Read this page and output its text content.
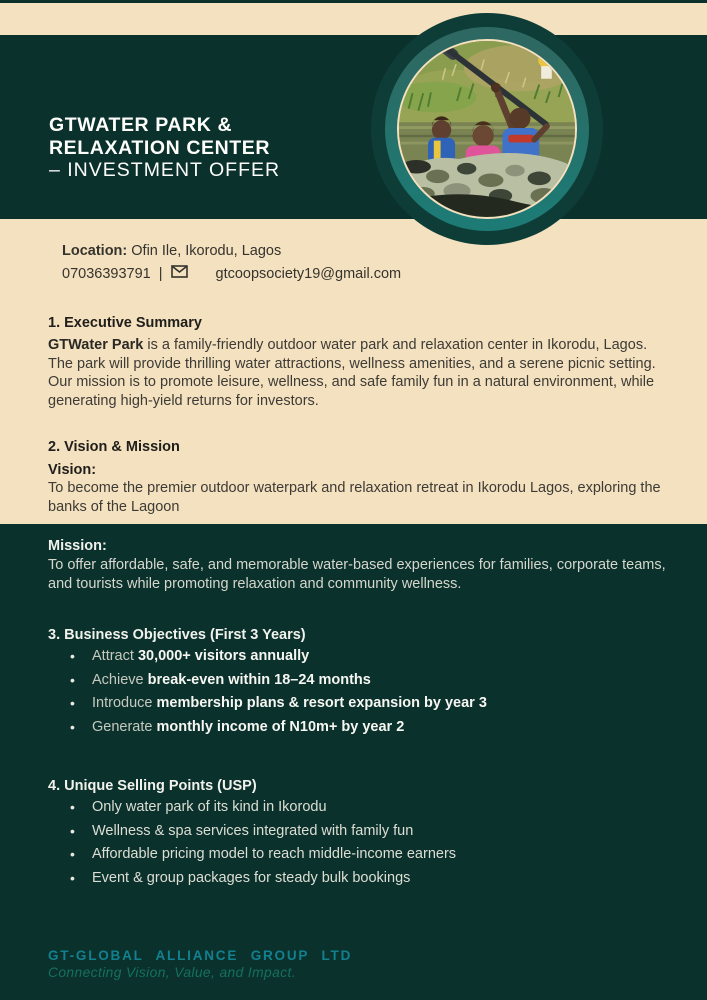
GTWATER PARK &
RELAXATION CENTER
– INVESTMENT OFFER
Location: Ofin Ile, Ikorodu, Lagos
07036393791 |	gtcoopsociety19@gmail.com
1. Executive Summary
GTWater Park is a family-friendly outdoor water park and relaxation center in Ikorodu, Lagos. The park will provide thrilling water attractions, wellness amenities, and a serene picnic setting. Our mission is to promote leisure, wellness, and safe family fun in a natural environment, while generating high-yield returns for investors.
2. Vision & Mission
Vision:
To become the premier outdoor waterpark and relaxation retreat in Ikorodu Lagos, exploring the banks of the Lagoon
Mission:
To offer affordable, safe, and memorable water-based experiences for families, corporate teams, and tourists while promoting relaxation and community wellness.
3. Business Objectives (First 3 Years)
• Attract 30,000+ visitors annually
• Achieve break-even within 18–24 months
• Introduce membership plans & resort expansion by year 3
• Generate monthly income of N10m+ by year 2
4. Unique Selling Points (USP)
• Only water park of its kind in Ikorodu
• Wellness & spa services integrated with family fun
• Affordable pricing model to reach middle-income earners
• Event & group packages for steady bulk bookings
GT-GLOBAL ALLIANCE GROUP LTD
Connecting Vision, Value, and Impact.
